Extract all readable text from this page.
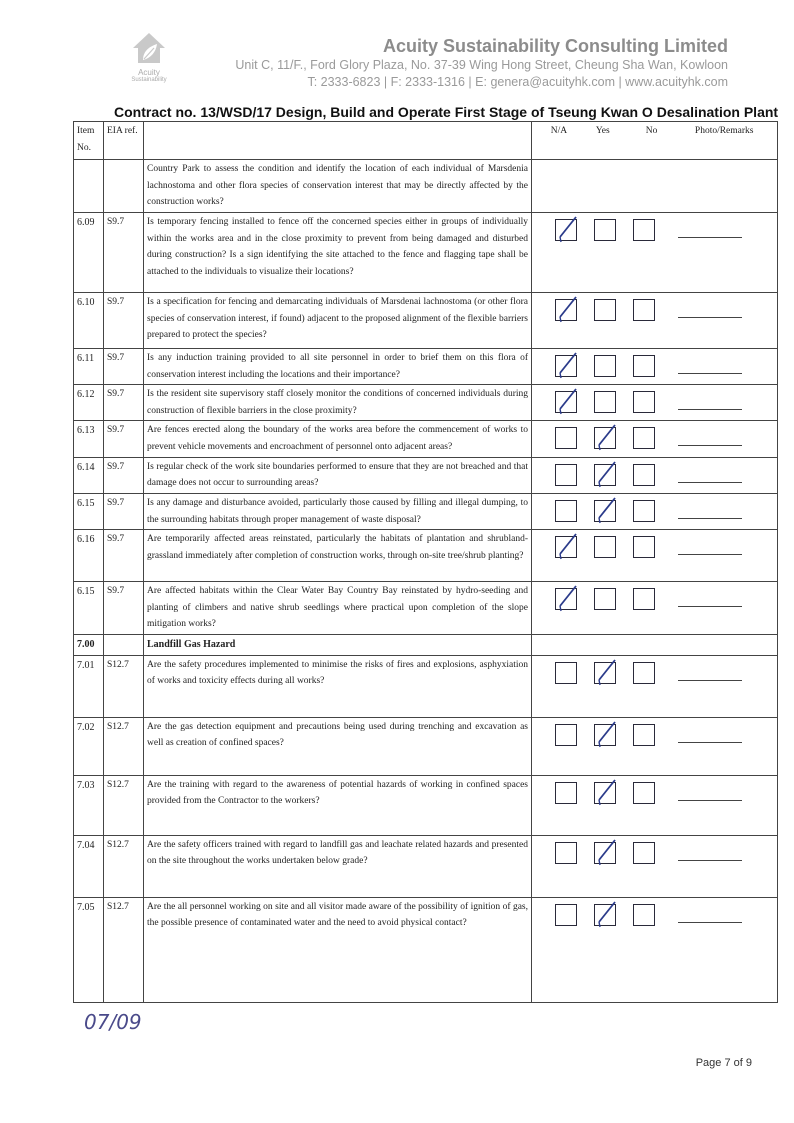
Acuity
Sustainability
Acuity Sustainability Consulting Limited
Unit C, 11/F., Ford Glory Plaza, No. 37-39 Wing Hong Street, Cheung Sha Wan, Kowloon
T: 2333-6823 | F: 2333-1316 | E: genera@acuityhk.com | www.acuityhk.com
Contract no. 13/WSD/17 Design, Build and Operate First Stage of Tseung Kwan O Desalination Plant
Item No.	EIA ref.		N/A Yes No Photo/Remarks

		Country Park to assess the condition and identify the location of each individual of Marsdenia lachnostoma and other flora species of conservation interest that may be directly affected by the construction works?	
6.09	S9.7	Is temporary fencing installed to fence off the concerned species either in groups of individually within the works area and in the close proximity to prevent from being damaged and disturbed during construction? Is a sign identifying the site attached to the fence and flagging tape shall be attached to the individuals to visualize their locations?	

6.10	S9.7	Is a specification for fencing and demarcating individuals of Marsdenai lachnostoma (or other flora species of conservation interest, if found) adjacent to the proposed alignment of the flexible barriers prepared to protect the species?	

6.11	S9.7	Is any induction training provided to all site personnel in order to brief them on this flora of conservation interest including the locations and their importance?	

6.12	S9.7	Is the resident site supervisory staff closely monitor the conditions of concerned individuals during construction of flexible barriers in the close proximity?	

6.13	S9.7	Are fences erected along the boundary of the works area before the commencement of works to prevent vehicle movements and encroachment of personnel onto adjacent areas?	

6.14	S9.7	Is regular check of the work site boundaries performed to ensure that they are not breached and that damage does not occur to surrounding areas?	

6.15	S9.7	Is any damage and disturbance avoided, particularly those caused by filling and illegal dumping, to the surrounding habitats through proper management of waste disposal?	

6.16	S9.7	Are temporarily affected areas reinstated, particularly the habitats of plantation and shrubland-grassland immediately after completion of construction works, through on-site tree/shrub planting?	

6.15	S9.7	Are affected habitats within the Clear Water Bay Country Bay reinstated by hydro-seeding and planting of climbers and native shrub seedlings where practical upon completion of the slope mitigation works?	

7.00		Landfill Gas Hazard	
7.01	S12.7	Are the safety procedures implemented to minimise the risks of fires and explosions, asphyxiation of works and toxicity effects during all works?	

7.02	S12.7	Are the gas detection equipment and precautions being used during trenching and excavation as well as creation of confined spaces?	

7.03	S12.7	Are the training with regard to the awareness of potential hazards of working in confined spaces provided from the Contractor to the workers?	

7.04	S12.7	Are the safety officers trained with regard to landfill gas and leachate related hazards and presented on the site throughout the works undertaken below grade?	

7.05	S12.7	Are the all personnel working on site and all visitor made aware of the possibility of ignition of gas, the possible presence of contaminated water and the need to avoid physical contact?	
07/09
Page 7 of 9
